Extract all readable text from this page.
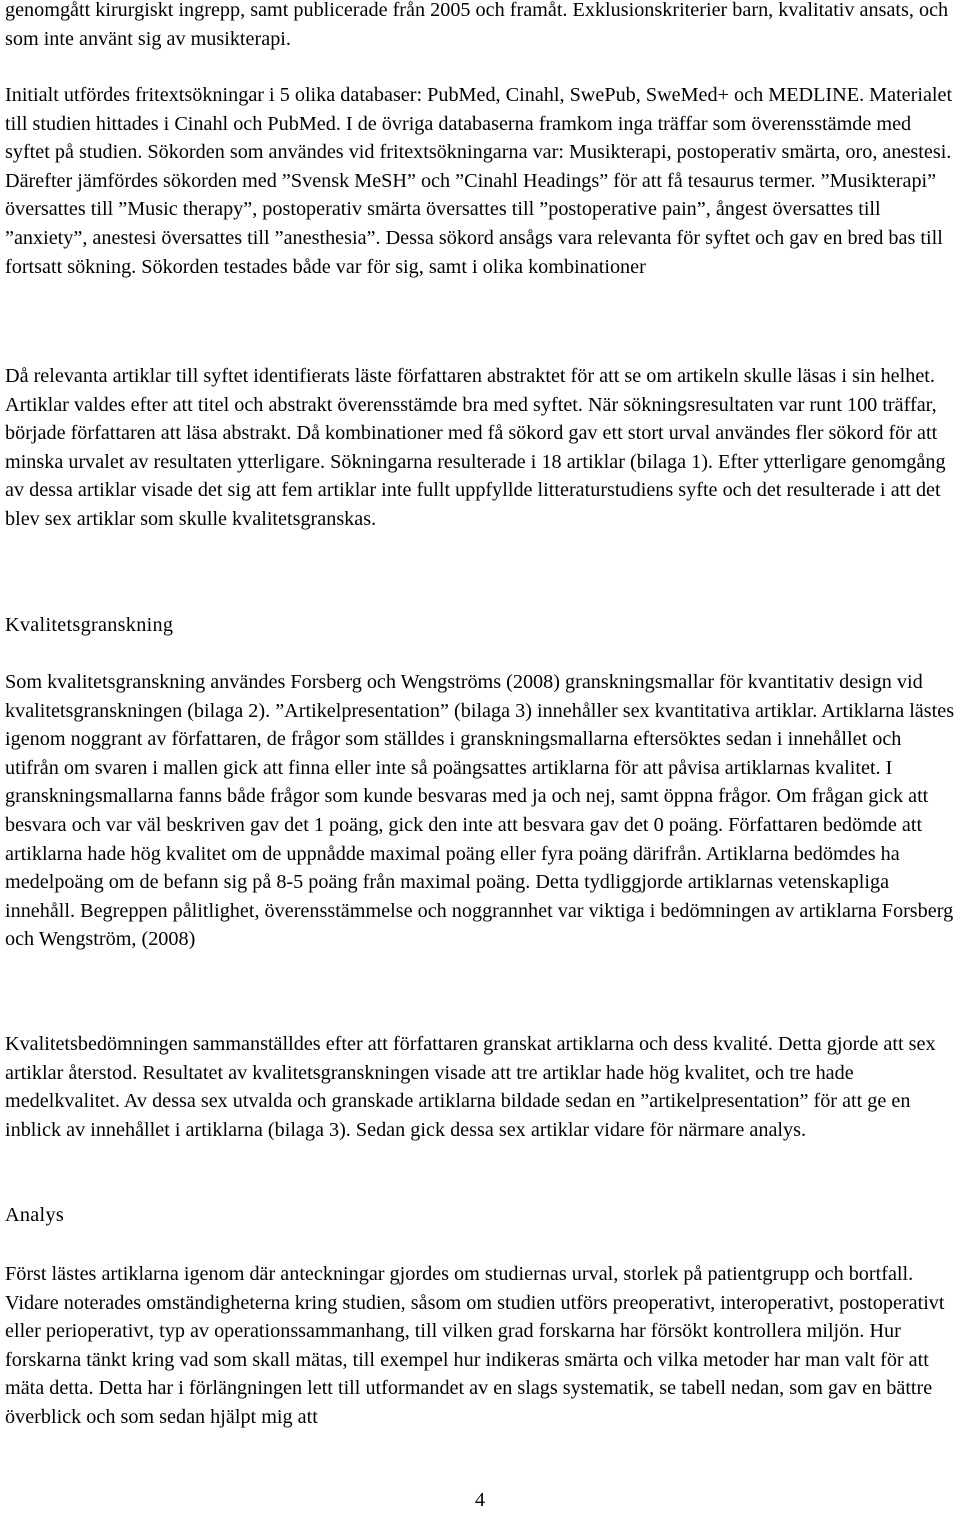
genomgått kirurgiskt ingrepp, samt publicerade från 2005 och framåt. Exklusionskriterier barn, kvalitativ ansats, och som inte använt sig av musikterapi.

Initialt utfördes fritextsökningar i 5 olika databaser: PubMed, Cinahl, SwePub, SweMed+ och MEDLINE. Materialet till studien hittades i Cinahl och PubMed. I de övriga databaserna framkom inga träffar som överensstämde med syftet på studien. Sökorden som användes vid fritextsökningarna var: Musikterapi, postoperativ smärta, oro, anestesi. Därefter jämfördes sökorden med ”Svensk MeSH” och ”Cinahl Headings” för att få tesaurus termer. ”Musikterapi” översattes till ”Music therapy”, postoperativ smärta översattes till ”postoperative pain”, ångest översattes till ”anxiety”, anestesi översattes till ”anesthesia”. Dessa sökord ansågs vara relevanta för syftet och gav en bred bas till fortsatt sökning. Sökorden testades både var för sig, samt i olika kombinationer

Då relevanta artiklar till syftet identifierats läste författaren abstraktet för att se om artikeln skulle läsas i sin helhet. Artiklar valdes efter att titel och abstrakt överensstämde bra med syftet. När sökningsresultaten var runt 100 träffar, började författaren att läsa abstrakt. Då kombinationer med få sökord gav ett stort urval användes fler sökord för att minska urvalet av resultaten ytterligare. Sökningarna resulterade i 18 artiklar (bilaga 1). Efter ytterligare genomgång av dessa artiklar visade det sig att fem artiklar inte fullt uppfyllde litteraturstudiens syfte och det resulterade i att det blev sex artiklar som skulle kvalitetsgranskas.

Kvalitetsgranskning

Som kvalitetsgranskning användes Forsberg och Wengströms (2008) granskningsmallar för kvantitativ design vid kvalitetsgranskningen (bilaga 2). ”Artikelpresentation” (bilaga 3) innehåller sex kvantitativa artiklar. Artiklarna lästes igenom noggrant av författaren, de frågor som ställdes i granskningsmallarna eftersöktes sedan i innehållet och utifrån om svaren i mallen gick att finna eller inte så poängsattes artiklarna för att påvisa artiklarnas kvalitet. I granskningsmallarna fanns både frågor som kunde besvaras med ja och nej, samt öppna frågor. Om frågan gick att besvara och var väl beskriven gav det 1 poäng, gick den inte att besvara gav det 0 poäng. Författaren bedömde att artiklarna hade hög kvalitet om de uppnådde maximal poäng eller fyra poäng därifrån. Artiklarna bedömdes ha medelpoäng om de befann sig på 8-5 poäng från maximal poäng. Detta tydliggjorde artiklarnas vetenskapliga innehåll. Begreppen pålitlighet, överensstämmelse och noggrannhet var viktiga i bedömningen av artiklarna Forsberg och Wengström, (2008)

Kvalitetsbedömningen sammanställdes efter att författaren granskat artiklarna och dess kvalité. Detta gjorde att sex artiklar återstod. Resultatet av kvalitetsgranskningen visade att tre artiklar hade hög kvalitet, och tre hade medelkvalitet. Av dessa sex utvalda och granskade artiklarna bildade sedan en ”artikelpresentation” för att ge en inblick av innehållet i artiklarna (bilaga 3). Sedan gick dessa sex artiklar vidare för närmare analys.

Analys

Först lästes artiklarna igenom där anteckningar gjordes om studiernas urval, storlek på patientgrupp och bortfall. Vidare noterades omständigheterna kring studien, såsom om studien utförs preoperativt, interoperativt, postoperativt eller perioperativt, typ av operationssammanhang, till vilken grad forskarna har försökt kontrollera miljön. Hur forskarna tänkt kring vad som skall mätas, till exempel hur indikeras smärta och vilka metoder har man valt för att mäta detta. Detta har i förlängningen lett till utformandet av en slags systematik, se tabell nedan, som gav en bättre överblick och som sedan hjälpt mig att

4
